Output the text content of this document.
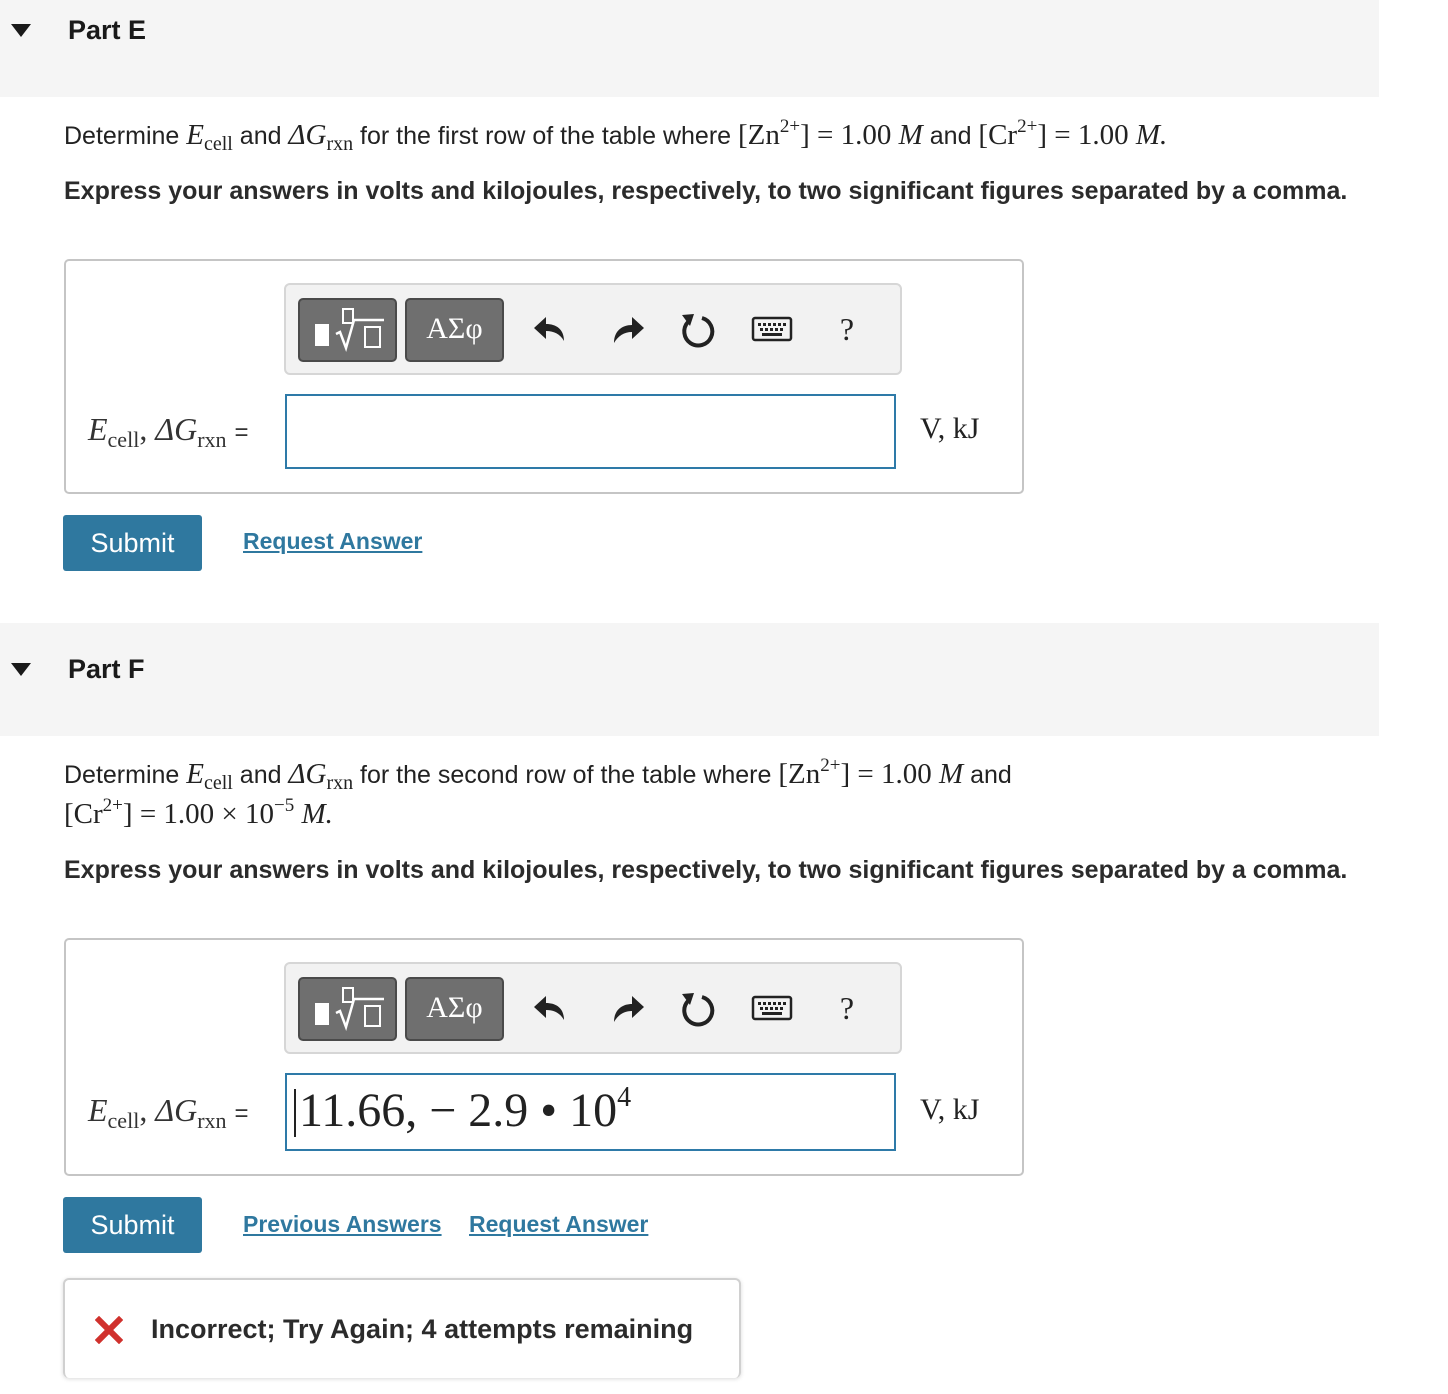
Part E
Determine $E_{cell}$ and $\Delta G_{rxn}$ for the first row of the table where $[Zn^{2+}] = 1.00$ M and $[Cr^{2+}] = 1.00$ M.
Express your answers in volts and kilojoules, respectively, to two significant figures separated by a comma.
ΑΣφ	?
$E_{cell}$, $\Delta G_{rxn}$ =	V, kJ
Submit	Request Answer
Part F
Determine $E_{cell}$ and $\Delta G_{rxn}$ for the second row of the table where $[Zn^{2+}] = 1.00$ M and
$[Cr^{2+}] = 1.00 \times 10^{-5}$ M.
Express your answers in volts and kilojoules, respectively, to two significant figures separated by a comma.
ΑΣφ	?
$E_{cell}$, $\Delta G_{rxn} = 11.66$, − 2.9 • $10^4$	V, kJ
Submit	Previous Answers Request Answer
Incorrect; Try Again; 4 attempts remaining
